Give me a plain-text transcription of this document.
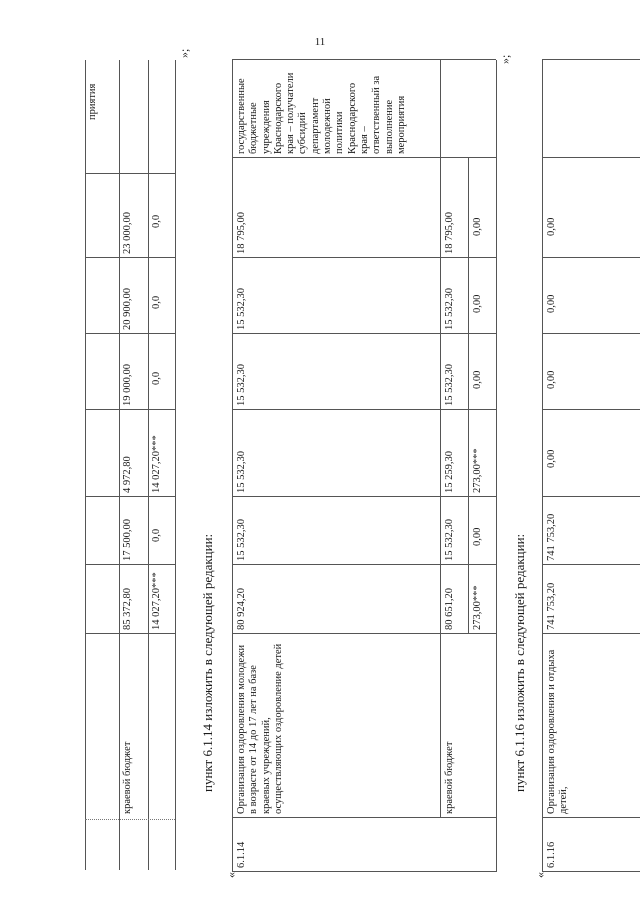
11
приятия
краевой бюджет
85 372,80
17 500,00
4 972,80
19 000,00
20 900,00
23 000,00
14 027,20***
0,0
14 027,20***
0,0
0,0
0,0
»;
пункт 6.1.14 изложить в следующей редакции:
«
6.1.14
Организация оздоровления молодежи в возрасте от 14 до 17 лет на базе краевых учреждений, осуществляющих оздоровление детей
80 924,20
15 532,30
15 532,30
15 532,30
15 532,30
18 795,00
государственные бюджетные учреждения Краснодарского края – получатели субсидий департамент молодежной политики Краснодарского края – ответственный за выполнение мероприятия
краевой бюджет
80 651,20
15 532,30
15 259,30
15 532,30
15 532,30
18 795,00
273,00***
0,00
273,00***
0,00
0,00
0,00
»;
пункт 6.1.16 изложить в следующей редакции:
«
6.1.16
Организация оздоровления и отдыха детей,
741 753,20
741 753,20
0,00
0,00
0,00
0,00
